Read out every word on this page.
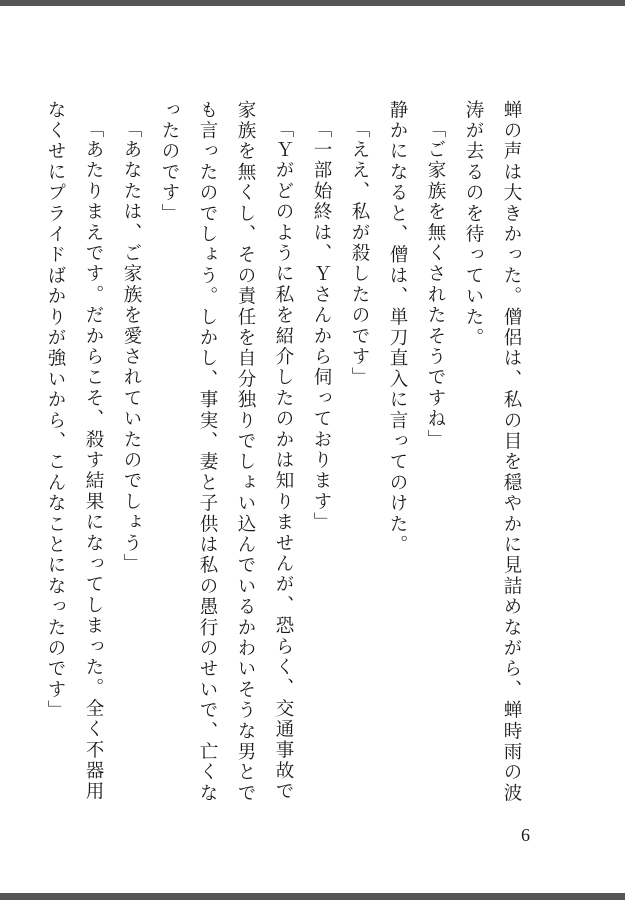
蝉の声は大きかった。僧侶は、私の目を穏やかに見詰めながら、蝉時雨の波涛が去るのを待っていた。

「ご家族を無くされたそうですね」

静かになると、僧は、単刀直入に言ってのけた。

「ええ、私が殺したのです」

「一部始終は、Ｙさんから伺っております」

「Ｙがどのように私を紹介したのかは知りませんが、恐らく、交通事故で家族を無くし、その責任を自分独りでしょい込んでいるかわいそうな男とでも言ったのでしょう。しかし、事実、妻と子供は私の愚行のせいで、亡くなったのです」

「あなたは、ご家族を愛されていたのでしょう」

「あたりまえです。だからこそ、殺す結果になってしまった。全く不器用なくせにプライドばかりが強いから、こんなことになったのです」

6
